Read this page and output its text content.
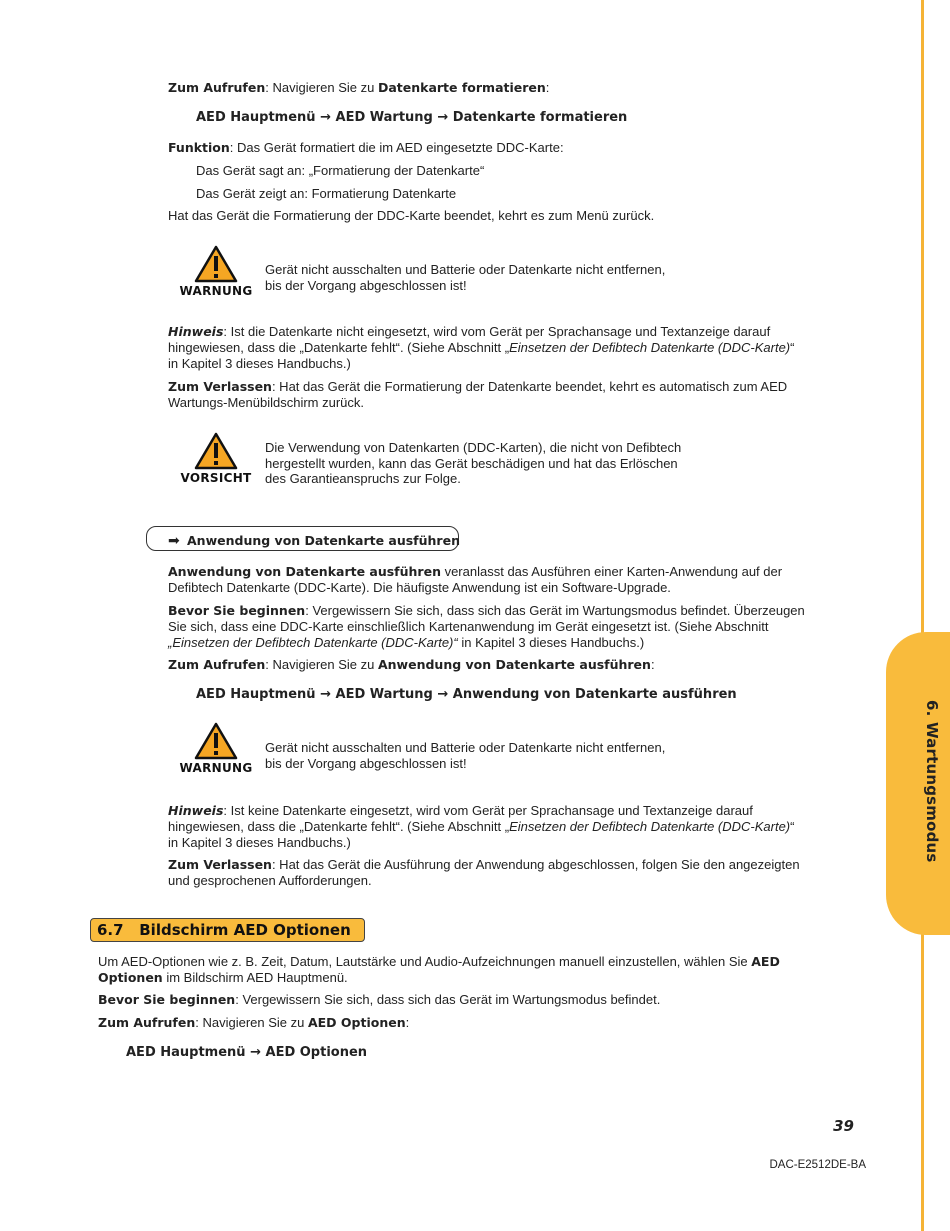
6. Wartungsmodus

Zum Aufrufen: Navigieren Sie zu Datenkarte formatieren:

AED Hauptmenü → AED Wartung → Datenkarte formatieren

Funktion: Das Gerät formatiert die im AED eingesetzte DDC-Karte:

Das Gerät sagt an: „Formatierung der Datenkarte“

Das Gerät zeigt an: Formatierung Datenkarte

Hat das Gerät die Formatierung der DDC-Karte beendet, kehrt es zum Menü zurück.

WARNUNG
Gerät nicht ausschalten und Batterie oder Datenkarte nicht entfernen,
bis der Vorgang abgeschlossen ist!
Hinweis: Ist die Datenkarte nicht eingesetzt, wird vom Gerät per Sprachansage und Textanzeige darauf
hingewiesen, dass die „Datenkarte fehlt“. (Siehe Abschnitt „Einsetzen der Defibtech Datenkarte (DDC-Karte)“
in Kapitel 3 dieses Handbuchs.)
Zum Verlassen: Hat das Gerät die Formatierung der Datenkarte beendet, kehrt es automatisch zum AED
Wartungs-Menübildschirm zurück.
VORSICHT
Die Verwendung von Datenkarten (DDC-Karten), die nicht von Defibtech
hergestellt wurden, kann das Gerät beschädigen und hat das Erlöschen
des Garantieanspruchs zur Folge.
➡ Anwendung von Datenkarte ausführen
Anwendung von Datenkarte ausführen veranlasst das Ausführen einer Karten-Anwendung auf der
Defibtech Datenkarte (DDC-Karte). Die häufigste Anwendung ist ein Software-Upgrade.
Bevor Sie beginnen: Vergewissern Sie sich, dass sich das Gerät im Wartungsmodus befindet. Überzeugen
Sie sich, dass eine DDC-Karte einschließlich Kartenanwendung im Gerät eingesetzt ist. (Siehe Abschnitt
„Einsetzen der Defibtech Datenkarte (DDC-Karte)“ in Kapitel 3 dieses Handbuchs.)

Zum Aufrufen: Navigieren Sie zu Anwendung von Datenkarte ausführen:

AED Hauptmenü → AED Wartung → Anwendung von Datenkarte ausführen

WARNUNG
Gerät nicht ausschalten und Batterie oder Datenkarte nicht entfernen,
bis der Vorgang abgeschlossen ist!
Hinweis: Ist keine Datenkarte eingesetzt, wird vom Gerät per Sprachansage und Textanzeige darauf
hingewiesen, dass die „Datenkarte fehlt“. (Siehe Abschnitt „Einsetzen der Defibtech Datenkarte (DDC-Karte)“
in Kapitel 3 dieses Handbuchs.)
Zum Verlassen: Hat das Gerät die Ausführung der Anwendung abgeschlossen, folgen Sie den angezeigten
und gesprochenen Aufforderungen.
6.7   Bildschirm AED Optionen
Um AED-Optionen wie z. B. Zeit, Datum, Lautstärke und Audio-Aufzeichnungen manuell einzustellen, wählen Sie AED
Optionen im Bildschirm AED Hauptmenü.

Bevor Sie beginnen: Vergewissern Sie sich, dass sich das Gerät im Wartungsmodus befindet.

Zum Aufrufen: Navigieren Sie zu AED Optionen:

AED Hauptmenü → AED Optionen

39
DAC-E2512DE-BA
